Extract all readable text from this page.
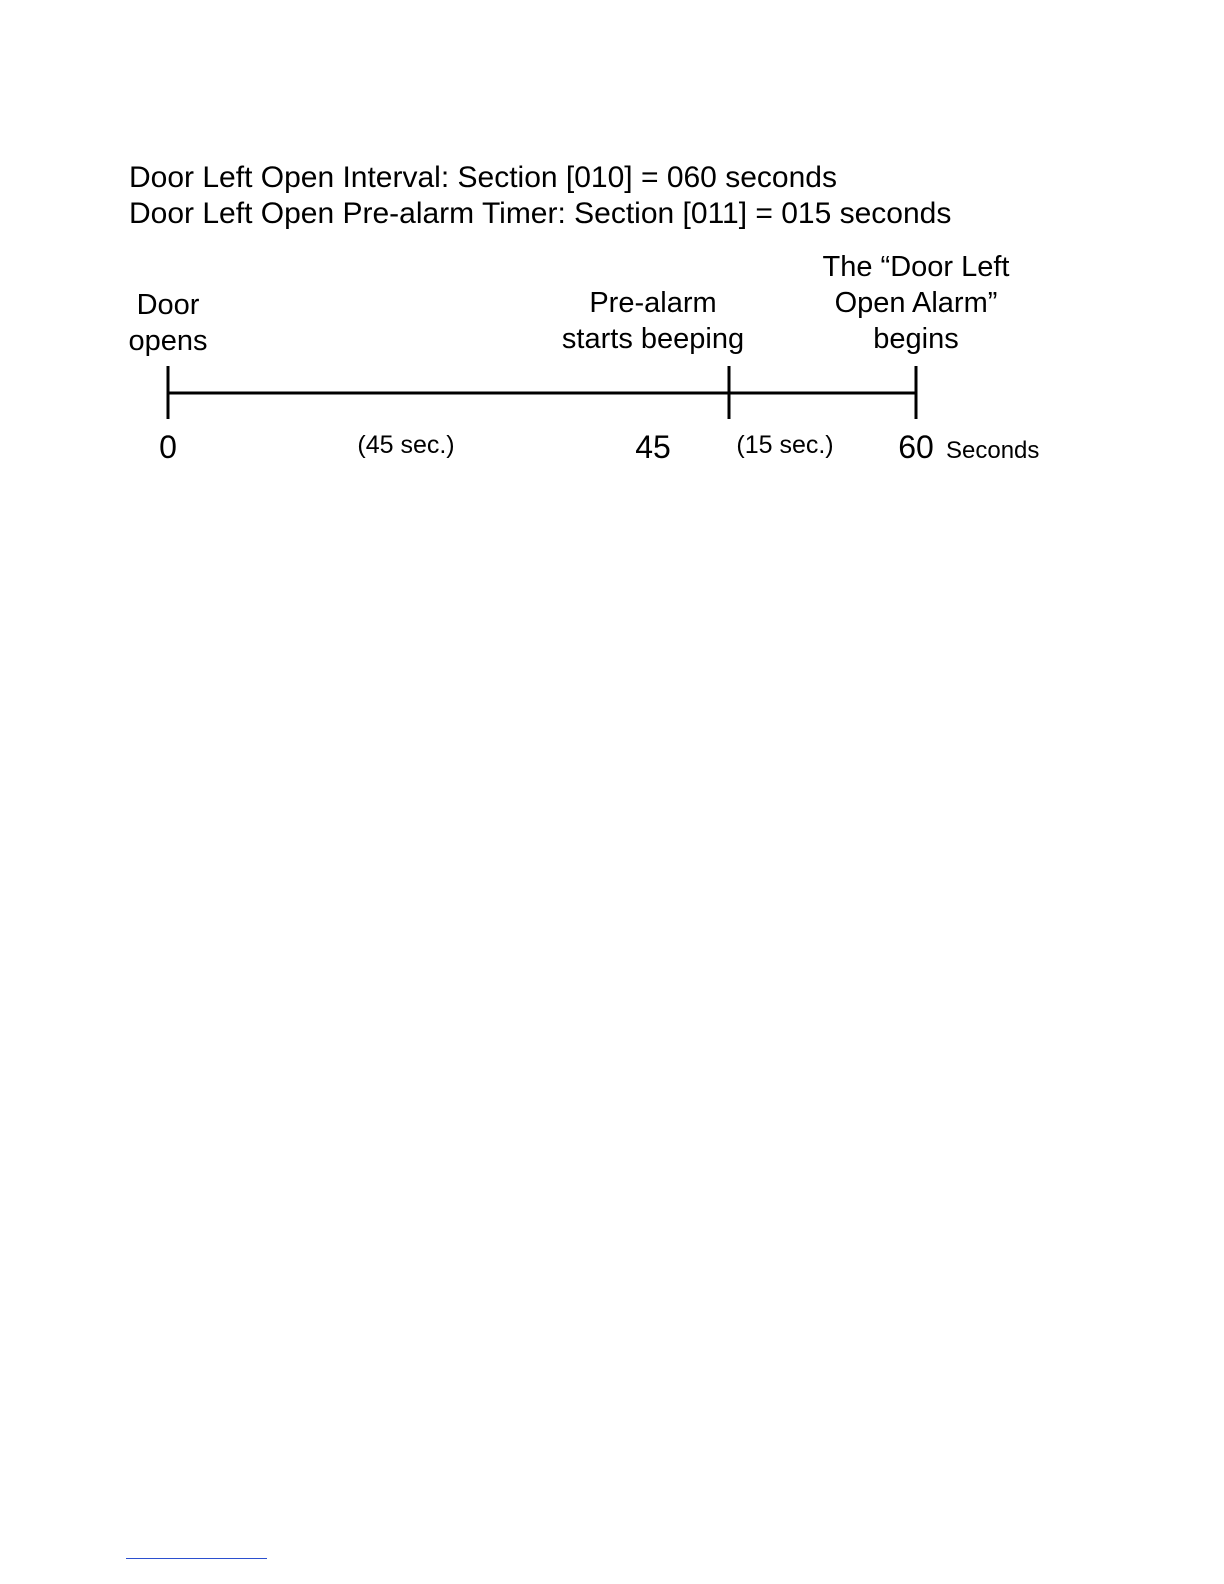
Door Left Open Interval: Section [010] = 060 seconds
Door Left Open Pre-alarm Timer: Section [011] = 015 seconds
Door
opens
Pre-alarm
starts beeping
The “Door Left
Open Alarm”
begins
0	45	60
(45 sec.)	(15 sec.)	Seconds
